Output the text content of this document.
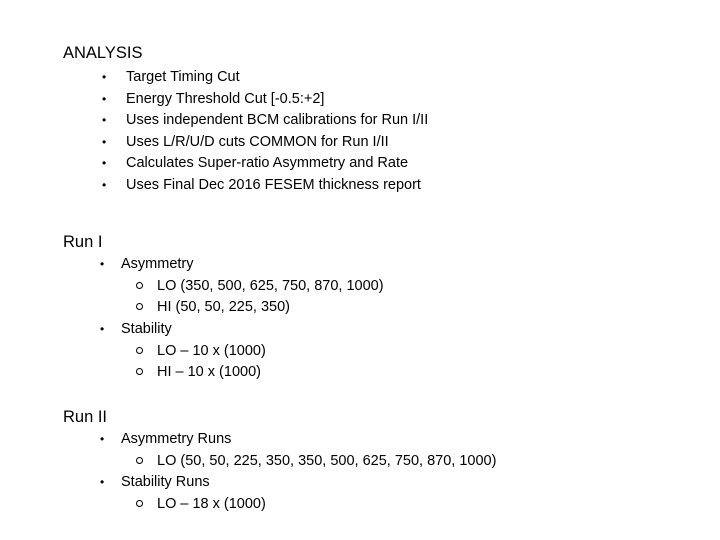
ANALYSIS
• Target Timing Cut
• Energy Threshold Cut [-0.5:+2]
• Uses independent BCM calibrations for Run I/II
• Uses L/R/U/D cuts COMMON for Run I/II
• Calculates Super-ratio Asymmetry and Rate
• Uses Final Dec 2016 FESEM thickness report
Run I
• Asymmetry
LO (350, 500, 625, 750, 870, 1000)
HI (50, 50, 225, 350)
• Stability
LO – 10 x (1000)
HI – 10 x (1000)
Run II
• Asymmetry Runs
LO (50, 50, 225, 350, 350, 500, 625, 750, 870, 1000)
• Stability Runs
LO – 18 x (1000)
